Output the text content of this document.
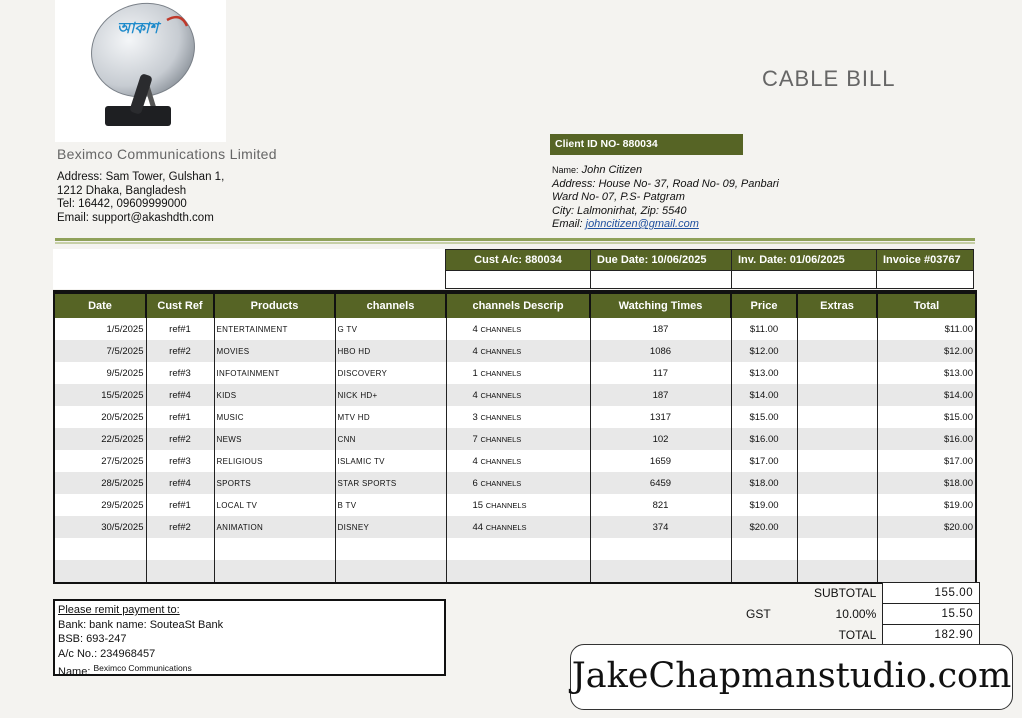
আকাশ
CABLE BILL
Beximco Communications Limited
Address: Sam Tower, Gulshan 1,
1212 Dhaka, Bangladesh
Tel: 16442, 09609999000
Email: support@akashdth.com
Client ID NO- 880034
Name: John Citizen
Address: House No- 37, Road No- 09, Panbari
Ward No- 07, P.S- Patgram
City: Lalmonirhat, Zip: 5540
Email: johncitizen@gmail.com
Cust A/c: 880034	Due Date: 10/06/2025	Inv. Date: 01/06/2025	Invoice #03767

Date	Cust Ref	Products	channels	channels Descrip	Watching Times	Price	Extras	Total
1/5/2025	ref#1	ENTERTAINMENT	G TV	4 CHANNELS	187	$11.00		$11.00
7/5/2025	ref#2	MOVIES	HBO HD	4 CHANNELS	1086	$12.00		$12.00
9/5/2025	ref#3	INFOTAINMENT	DISCOVERY	1 CHANNELS	117	$13.00		$13.00
15/5/2025	ref#4	KIDS	NICK HD+	4 CHANNELS	187	$14.00		$14.00
20/5/2025	ref#1	MUSIC	MTV HD	3 CHANNELS	1317	$15.00		$15.00
22/5/2025	ref#2	NEWS	CNN	7 CHANNELS	102	$16.00		$16.00
27/5/2025	ref#3	RELIGIOUS	ISLAMIC TV	4 CHANNELS	1659	$17.00		$17.00
28/5/2025	ref#4	SPORTS	STAR SPORTS	6 CHANNELS	6459	$18.00		$18.00
29/5/2025	ref#1	LOCAL TV	B TV	15 CHANNELS	821	$19.00		$19.00
30/5/2025	ref#2	ANIMATION	DISNEY	44 CHANNELS	374	$20.00		$20.00

	SUBTOTAL	155.00
GST	10.00%	15.50
	TOTAL	182.90
Please remit payment to:
Bank: bank name: SouteaSt Bank
BSB: 693-247
A/c No.: 234968457
Name: $^{Beximco Communications}$	JakeChapmanstudio.com
